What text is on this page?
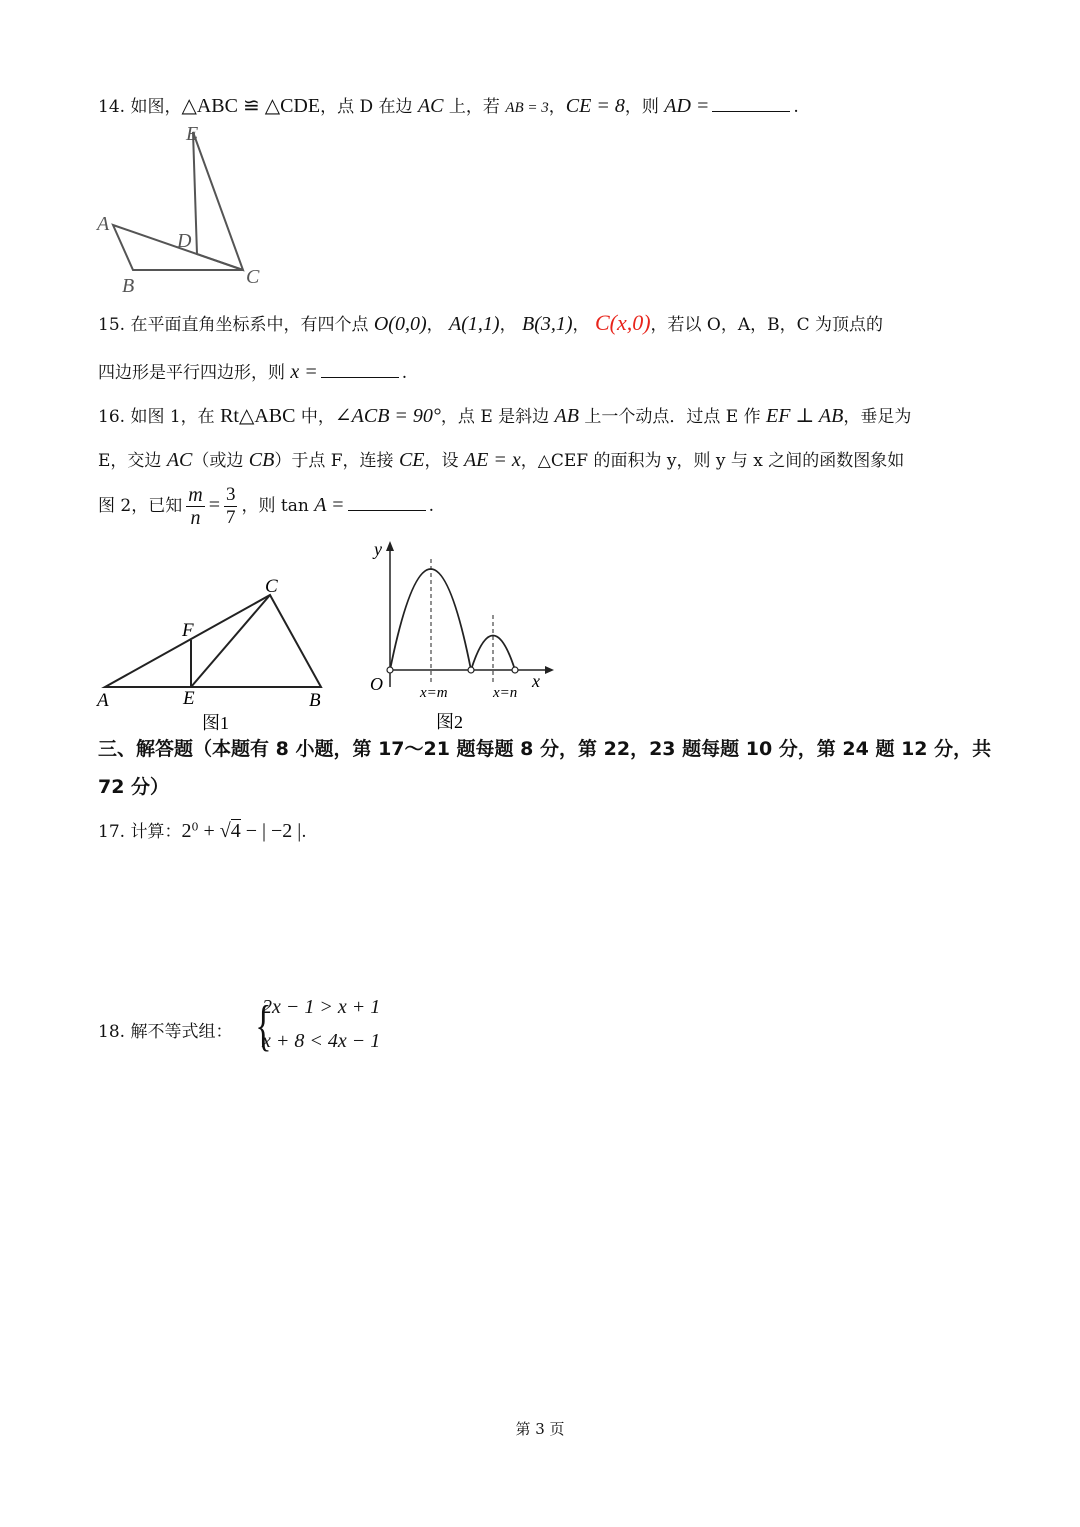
14. 如图，△ABC ≌ △CDE，点 D 在边 AC 上，若 AB = 3，CE = 8，则 AD =	.
A
B	C
D
E
15. 在平面直角坐标系中，有四个点 O(0,0)， A(1,1)， B(3,1)， C(x,0)，若以 O，A，B，C 为顶点的
四边形是平行四边形，则 x =	.
16. 如图 1，在 Rt△ABC 中，∠ACB = 90°，点 E 是斜边 AB 上一个动点．过点 E 作 EF ⊥ AB，垂足为
E，交边 AC（或边 CB）于点 F，连接 CE，设 AE = x，△CEF 的面积为 y，则 y 与 x 之间的函数图象如
图 2，已知 $\frac{m}{n} = \frac{3}{7}$ ，则 tan A =	.
A	B
C
E
F
图1
y
x
O x=m	x=n
图2
三、解答题（本题有 8 小题，第 17～21 题每题 8 分，第 22，23 题每题 10 分，第 24 题 12 分，共 72 分）
17. 计算：$2^0 + √4$ − | −2 |.
18. 解不等式组： {
2x − 1 > x + 1
x + 8 < 4x − 1
第 3 页
